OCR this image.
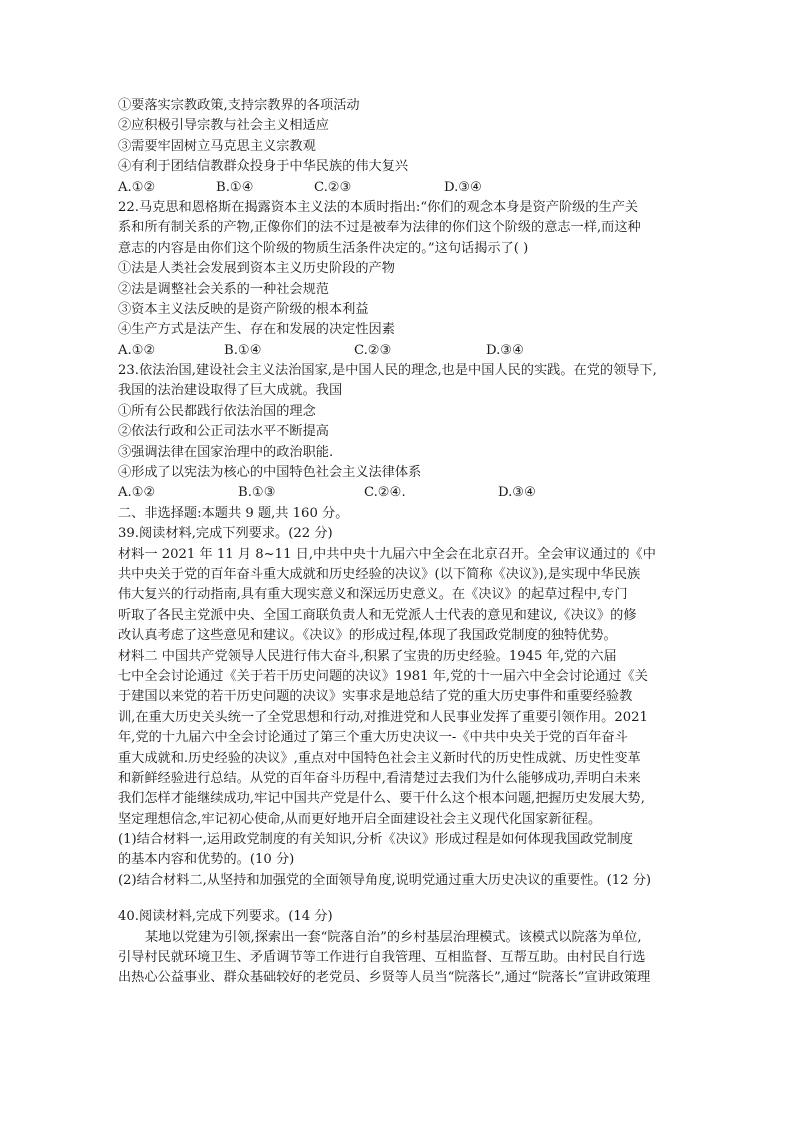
①要落实宗教政策,支持宗教界的各项活动
②应积极引导宗教与社会主义相适应
③需要牢固树立马克思主义宗教观
④有利于团结信教群众投身于中华民族的伟大复兴
A.①②	B.①④	C.②③	D.③④
22.马克思和恩格斯在揭露资本主义法的本质时指出:“你们的观念本身是资产阶级的生产关
系和所有制关系的产物,正像你们的法不过是被奉为法律的你们这个阶级的意志一样,而这种
意志的内容是由你们这个阶级的物质生活条件决定的。”这句话揭示了( )
①法是人类社会发展到资本主义历史阶段的产物
②法是调整社会关系的一种社会规范
③资本主义法反映的是资产阶级的根本利益
④生产方式是法产生、存在和发展的决定性因素
A.①②	B.①④	C.②③	D.③④
23.依法治国,建设社会主义法治国家,是中国人民的理念,也是中国人民的实践。在党的领导下,
我国的法治建设取得了巨大成就。我国
①所有公民都践行依法治国的理念
②依法行政和公正司法水平不断提高
③强调法律在国家治理中的政治职能.
④形成了以宪法为核心的中国特色社会主义法律体系
A.①②	B.①③	C.②④.	D.③④
二、非选择题:本题共 9 题,共 160 分。
39.阅读材料,完成下列要求。(22 分)
材料一 2021 年 11 月 8~11 日,中共中央十九届六中全会在北京召开。全会审议通过的《中
共中央关于党的百年奋斗重大成就和历史经验的决议》(以下简称《决议》),是实现中华民族
伟大复兴的行动指南,具有重大现实意义和深远历史意义。在《决议》的起草过程中,专门
听取了各民主党派中央、全国工商联负责人和无党派人士代表的意见和建议,《决议》的修
改认真考虑了这些意见和建议。《决议》的形成过程,体现了我国政党制度的独特优势。
材料二 中国共产党领导人民进行伟大奋斗,积累了宝贵的历史经验。1945 年,党的六届
七中全会讨论通过《关于若干历史问题的决议》1981 年,党的十一届六中全会讨论通过《关
于建国以来党的若干历史问题的决议》实事求是地总结了党的重大历史事件和重要经验教
训,在重大历史关头统一了全党思想和行动,对推进党和人民事业发挥了重要引领作用。2021
年,党的十九届六中全会讨论通过了第三个重大历史决议一-《中共中央关于党的百年奋斗
重大成就和.历史经验的决议》,重点对中国特色社会主义新时代的历史性成就、历史性变革
和新鲜经验进行总结。从党的百年奋斗历程中,看清楚过去我们为什么能够成功,弄明白未来
我们怎样才能继续成功,牢记中国共产党是什么、要干什么这个根本问题,把握历史发展大势,
坚定理想信念,牢记初心使命,从而更好地开启全面建设社会主义现代化国家新征程。
(1)结合材料一,运用政党制度的有关知识,分析《决议》形成过程是如何体现我国政党制度
的基本内容和优势的。(10 分)
(2)结合材料二,从坚持和加强党的全面领导角度,说明党通过重大历史决议的重要性。(12 分)
40.阅读材料,完成下列要求。(14 分)
某地以党建为引领,探索出一套“院落自治”的乡村基层治理模式。该模式以院落为单位,
引导村民就环境卫生、矛盾调节等工作进行自我管理、互相监督、互帮互助。由村民自行选
出热心公益事业、群众基础较好的老党员、乡贤等人员当“院落长”,通过“院落长”宣讲政策理
